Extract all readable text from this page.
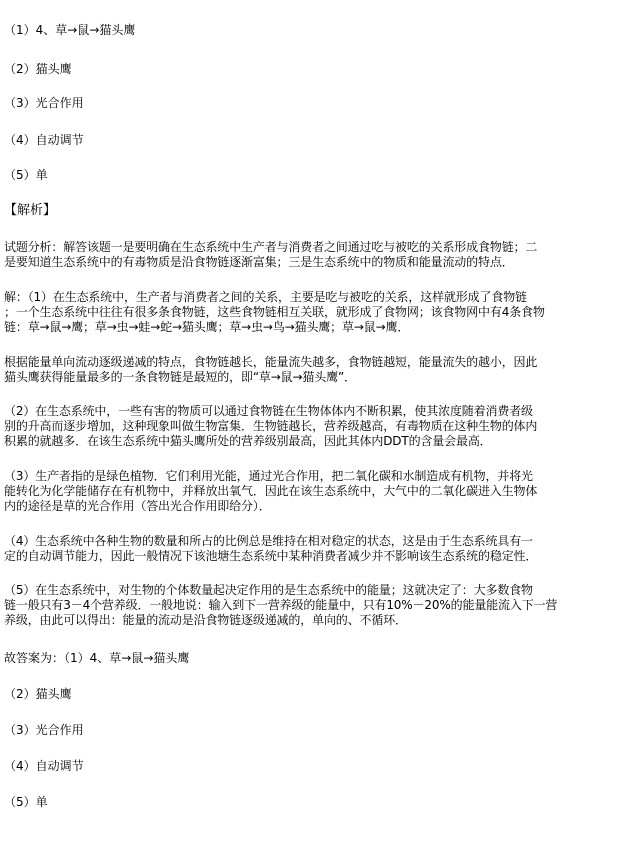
（1）4、草→鼠→猫头鹰
（2）猫头鹰
（3）光合作用
（4）自动调节
（5）单
【解析】
试题分析：解答该题一是要明确在生态系统中生产者与消费者之间通过吃与被吃的关系形成食物链；二
是要知道生态系统中的有毒物质是沿食物链逐渐富集；三是生态系统中的物质和能量流动的特点．
解：（1）在生态系统中，生产者与消费者之间的关系，主要是吃与被吃的关系，这样就形成了食物链
；一个生态系统中往往有很多条食物链，这些食物链相互关联，就形成了食物网；该食物网中有4条食物
链：草→鼠→鹰；草→虫→蛙→蛇→猫头鹰；草→虫→鸟→猫头鹰；草→鼠→鹰．
根据能量单向流动逐级递减的特点，食物链越长，能量流失越多，食物链越短，能量流失的越小，因此
猫头鹰获得能量最多的一条食物链是最短的，即“草→鼠→猫头鹰”．
（2）在生态系统中，一些有害的物质可以通过食物链在生物体体内不断积累，使其浓度随着消费者级
别的升高而逐步增加，这种现象叫做生物富集．生物链越长，营养级越高，有毒物质在这种生物的体内
积累的就越多．在该生态系统中猫头鹰所处的营养级别最高，因此其体内DDT的含量会最高．
（3）生产者指的是绿色植物．它们利用光能，通过光合作用，把二氧化碳和水制造成有机物，并将光
能转化为化学能储存在有机物中，并释放出氧气．因此在该生态系统中，大气中的二氧化碳进入生物体
内的途径是草的光合作用（答出光合作用即给分）．
（4）生态系统中各种生物的数量和所占的比例总是维持在相对稳定的状态，这是由于生态系统具有一
定的自动调节能力，因此一般情况下该池塘生态系统中某种消费者减少并不影响该生态系统的稳定性．
（5）在生态系统中，对生物的个体数量起决定作用的是生态系统中的能量；这就决定了：大多数食物
链一般只有3－4个营养级．一般地说：输入到下一营养级的能量中，只有10%－20%的能量能流入下一营
养级，由此可以得出：能量的流动是沿食物链逐级递减的，单向的、不循环．
故答案为：（1）4、草→鼠→猫头鹰
（2）猫头鹰
（3）光合作用
（4）自动调节
（5）单
